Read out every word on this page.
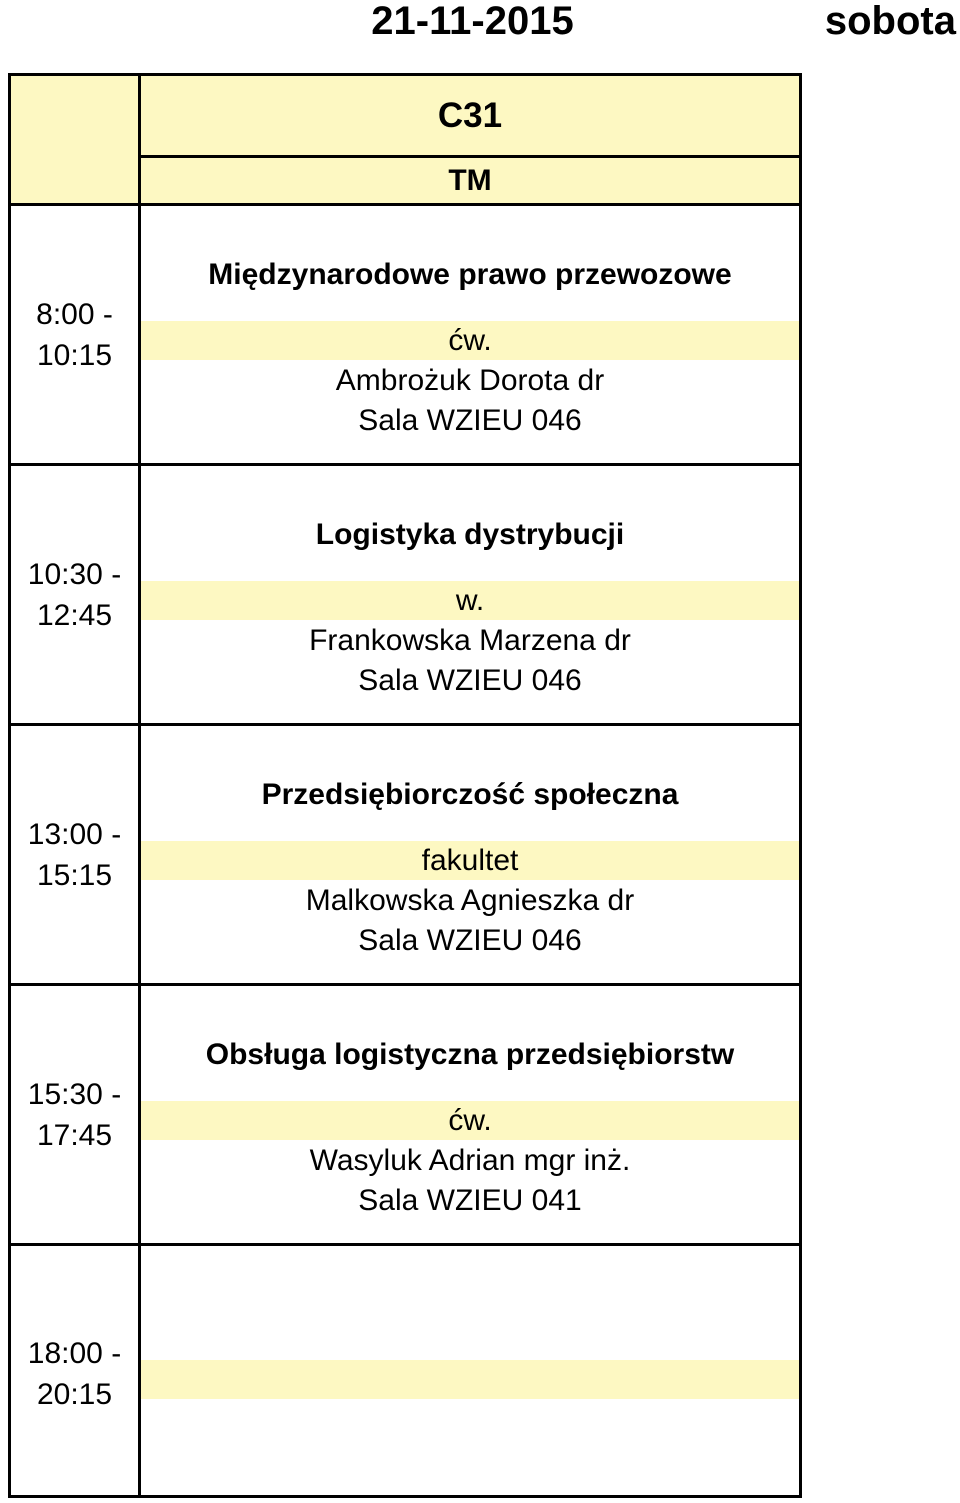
21-11-2015	sobota
C31
TM
8:00 -
10:15
Międzynarodowe prawo przewozowe
ćw.
Ambrożuk Dorota dr
Sala WZIEU 046
10:30 -
12:45
Logistyka dystrybucji
w.
Frankowska Marzena dr
Sala WZIEU 046
13:00 -
15:15
Przedsiębiorczość społeczna
fakultet
Malkowska Agnieszka dr
Sala WZIEU 046
15:30 -
17:45
Obsługa logistyczna przedsiębiorstw
ćw.
Wasyluk Adrian mgr inż.
Sala WZIEU 041
18:00 -
20:15
